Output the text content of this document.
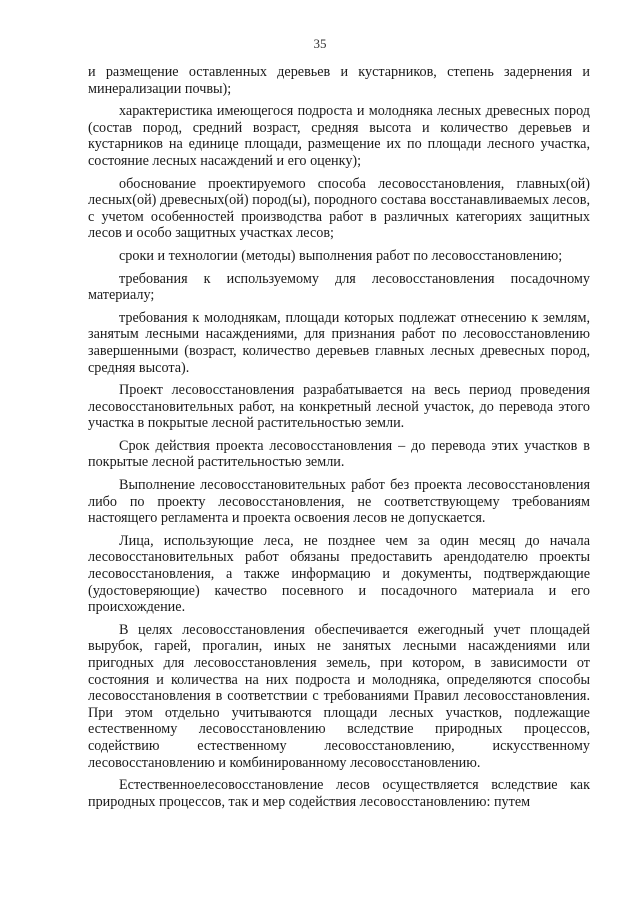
35

и размещение оставленных деревьев и кустарников, степень задернения и минерализации почвы);

характеристика имеющегося подроста и молодняка лесных древесных пород (состав пород, средний возраст, средняя высота и количество деревьев и кустарников на единице площади, размещение их по площади лесного участка, состояние лесных насаждений и его оценку);

обоснование проектируемого способа лесовосстановления, главных(ой) лесных(ой) древесных(ой) пород(ы), породного состава восстанавливаемых лесов, с учетом особенностей производства работ в различных категориях защитных лесов и особо защитных участках лесов;

сроки и технологии (методы) выполнения работ по лесовосстановлению;

требования к используемому для лесовосстановления посадочному материалу;

требования к молоднякам, площади которых подлежат отнесению к землям, занятым лесными насаждениями, для признания работ по лесовосстановлению завершенными (возраст, количество деревьев главных лесных древесных пород, средняя высота).

Проект лесовосстановления разрабатывается на весь период проведения лесовосстановительных работ, на конкретный лесной участок, до перевода этого участка в покрытые лесной растительностью земли.

Срок действия проекта лесовосстановления – до перевода этих участков в покрытые лесной растительностью земли.

Выполнение лесовосстановительных работ без проекта лесовосстановления либо по проекту лесовосстановления, не соответствующему требованиям настоящего регламента и проекта освоения лесов не допускается.

Лица, использующие леса, не позднее чем за один месяц до начала лесовосстановительных работ обязаны предоставить арендодателю проекты лесовосстановления, а также информацию и документы, подтверждающие (удостоверяющие) качество посевного и посадочного материала и его происхождение.

В целях лесовосстановления обеспечивается ежегодный учет площадей вырубок, гарей, прогалин, иных не занятых лесными насаждениями или пригодных для лесовосстановления земель, при котором, в зависимости от состояния и количества на них подроста и молодняка, определяются способы лесовосстановления в соответствии с требованиями Правил лесовосстановления. При этом отдельно учитываются площади лесных участков, подлежащие естественному лесовосстановлению вследствие природных процессов, содействию естественному лесовосстановлению, искусственному лесовосстановлению и комбинированному лесовосстановлению.

Естественноелесовосстановление лесов осуществляется вследствие как природных процессов, так и мер содействия лесовосстановлению: путем
